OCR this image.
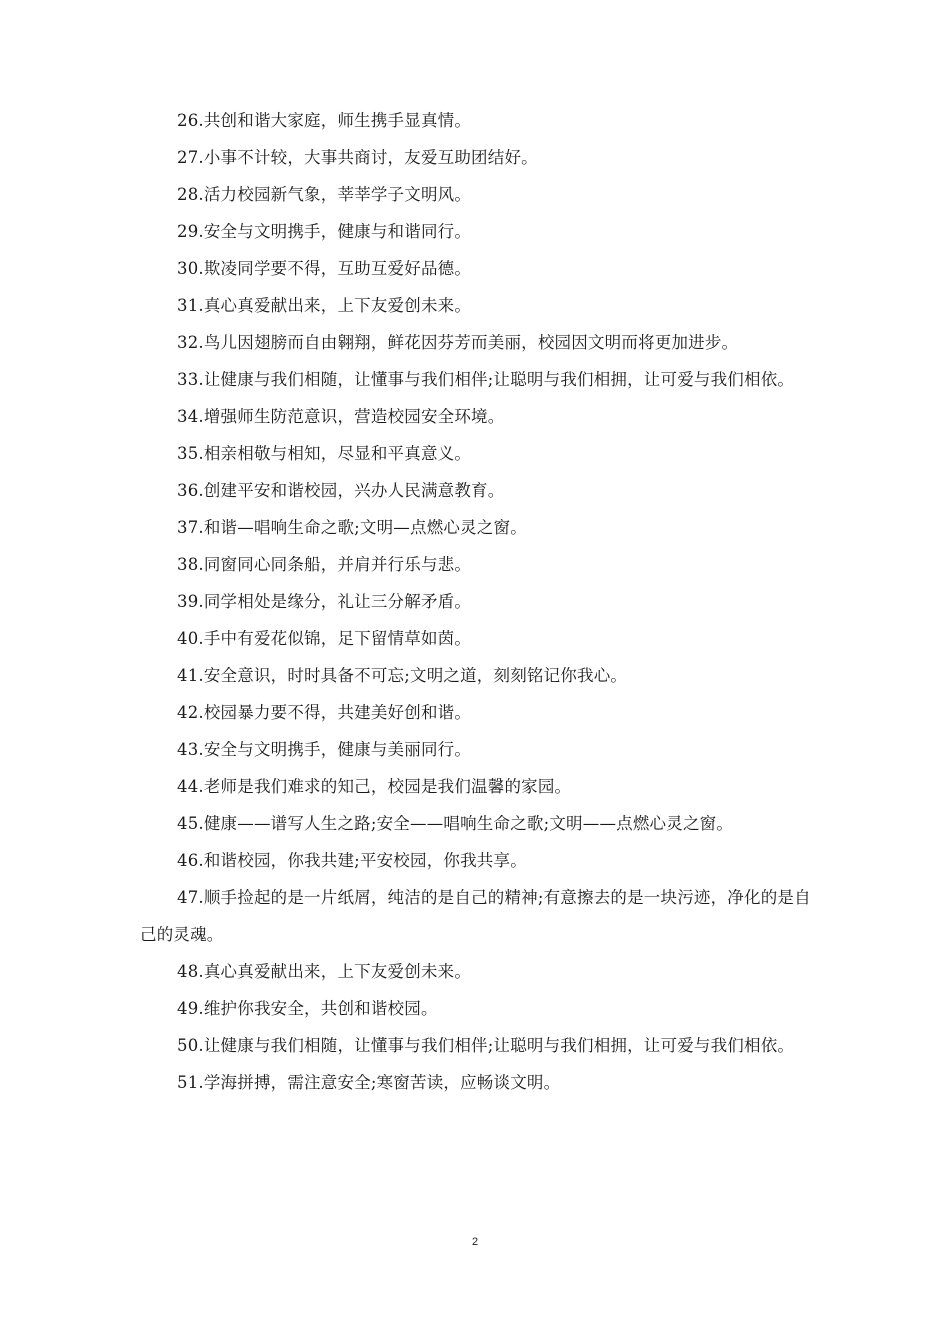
26.共创和谐大家庭，师生携手显真情。

27.小事不计较，大事共商讨，友爱互助团结好。

28.活力校园新气象，莘莘学子文明风。

29.安全与文明携手，健康与和谐同行。

30.欺凌同学要不得，互助互爱好品德。

31.真心真爱献出来，上下友爱创未来。

32.鸟儿因翅膀而自由翱翔，鲜花因芬芳而美丽，校园因文明而将更加进步。

33.让健康与我们相随，让懂事与我们相伴;让聪明与我们相拥，让可爱与我们相依。

34.增强师生防范意识，营造校园安全环境。

35.相亲相敬与相知，尽显和平真意义。

36.创建平安和谐校园，兴办人民满意教育。

37.和谐—唱响生命之歌;文明—点燃心灵之窗。

38.同窗同心同条船，并肩并行乐与悲。

39.同学相处是缘分，礼让三分解矛盾。

40.手中有爱花似锦，足下留情草如茵。

41.安全意识，时时具备不可忘;文明之道，刻刻铭记你我心。

42.校园暴力要不得，共建美好创和谐。

43.安全与文明携手，健康与美丽同行。

44.老师是我们难求的知己，校园是我们温馨的家园。

45.健康——谱写人生之路;安全——唱响生命之歌;文明——点燃心灵之窗。

46.和谐校园，你我共建;平安校园，你我共享。

47.顺手捡起的是一片纸屑，纯洁的是自己的精神;有意擦去的是一块污迹，净化的是自己的灵魂。

48.真心真爱献出来，上下友爱创未来。

49.维护你我安全，共创和谐校园。

50.让健康与我们相随，让懂事与我们相伴;让聪明与我们相拥，让可爱与我们相依。

51.学海拼搏，需注意安全;寒窗苦读，应畅谈文明。

2
